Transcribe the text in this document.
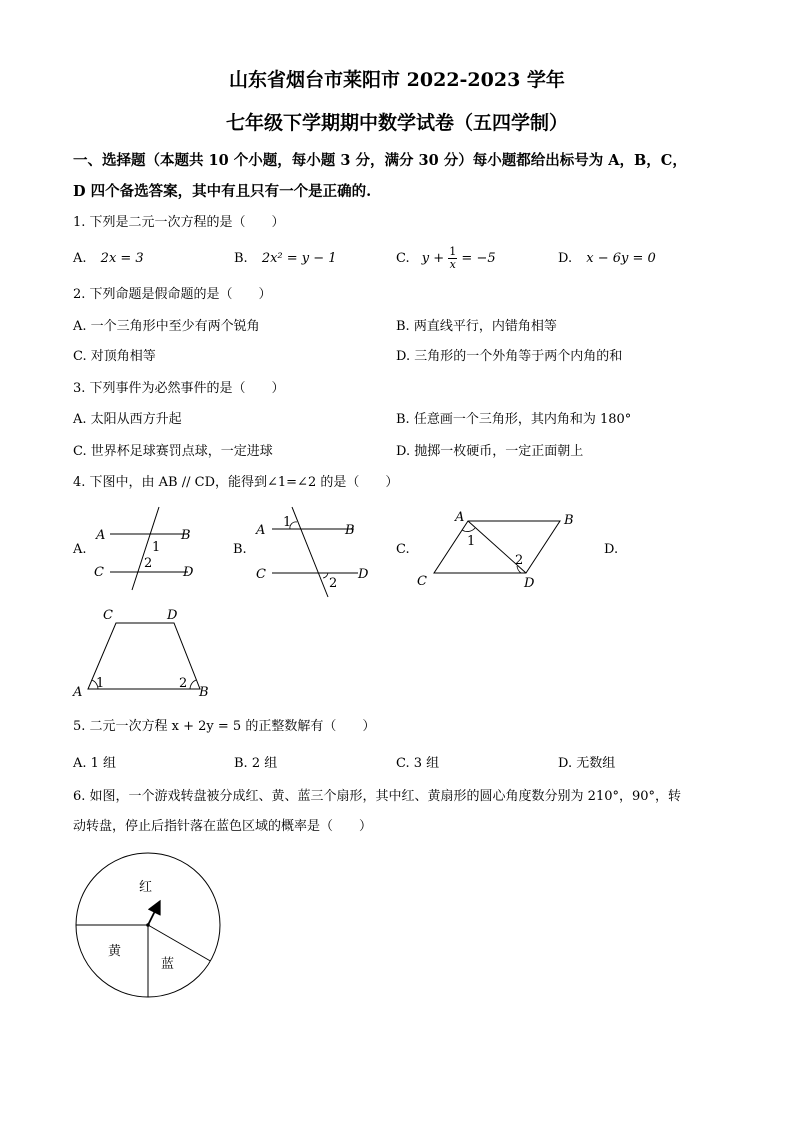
山东省烟台市莱阳市 2022-2023 学年
七年级下学期期中数学试卷（五四学制）
一、选择题（本题共 10 个小题，每小题 3 分，满分 30 分）每小题都给出标号为 A，B，C，
D 四个备选答案，其中有且只有一个是正确的.
1. 下列是二元一次方程的是（　　）
A. 2x = 3	B. 2x² = y − 1	C. $y + \frac{1}{x} = -5$	D. x − 6y = 0
2. 下列命题是假命题的是（　　）
A. 一个三角形中至少有两个锐角	B. 两直线平行，内错角相等
C. 对顶角相等	D. 三角形的一个外角等于两个内角的和
3. 下列事件为必然事件的是（　　）
A. 太阳从西方升起	B. 任意画一个三角形，其内角和为 180°
C. 世界杯足球赛罚点球，一定进球	D. 抛掷一枚硬币，一定正面朝上
4. 下图中，由 AB // CD，能得到∠1=∠2 的是（　　）
A.
A	B
C	D
1
2
B.
A	B
C	D
1
2
C.
A	B
C	D
1
2
D.
C	D
A	B
1	2
5. 二元一次方程 x + 2y = 5 的正整数解有（　　）
A. 1 组	B. 2 组	C. 3 组	D. 无数组
6. 如图，一个游戏转盘被分成红、黄、蓝三个扇形，其中红、黄扇形的圆心角度数分别为 210°，90°，转
动转盘，停止后指针落在蓝色区域的概率是（　　）
红
黄
蓝
